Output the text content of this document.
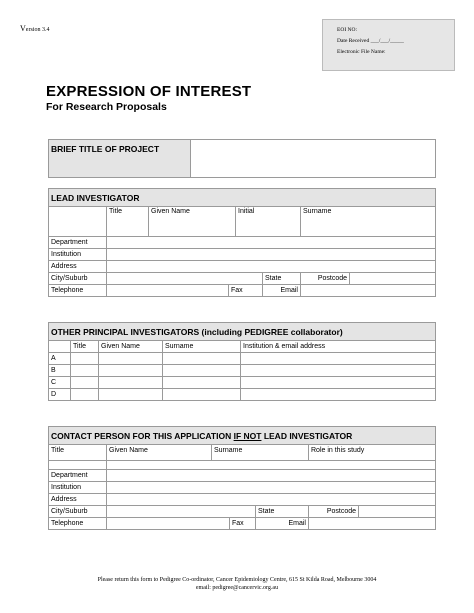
Version 3.4	EOI NO:
Date Received ___/___/_____
Electronic File Name:
EXPRESSION OF INTEREST
For Research Proposals
BRIEF TITLE OF PROJECT	
LEAD INVESTIGATOR							
	Title	Given Name		Initial		Surname	
Department							
Institution							
Address							
City/Suburb					State	Postcode	
Telephone			Fax		Email		
OTHER PRINCIPAL INVESTIGATORS (including PEDIGREE collaborator)				
	Title	Given Name	Surname	Institution & email address
A				
B				
C				
D				
CONTACT PERSON FOR THIS APPLICATION IF NOT LEAD INVESTIGATOR						
Title	Given Name	Surname			Role in this study	

Department						
Institution						
Address						
City/Suburb				State	Postcode	
Telephone			Fax	Email		
Please return this form to Pedigree Co-ordinator, Cancer Epidemiology Centre, 615 St Kilda Road, Melbourne 3004
email: pedigree@cancervic.org.au
